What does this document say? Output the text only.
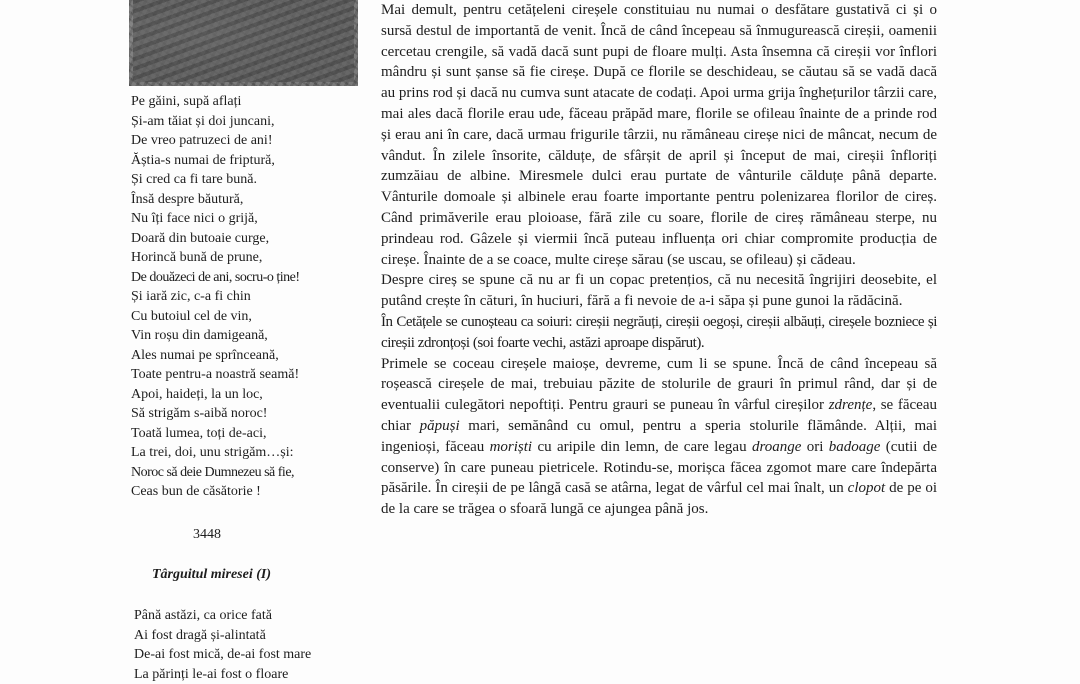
Pe găini, supă aflați
Și-am tăiat și doi juncani,
De vreo patruzeci de ani!
Ăștia-s numai de friptură,
Și cred ca fi tare bună.
Însă despre băutură,
Nu îți face nici o grijă,
Doară din butoaie curge,
Horincă bună de prune,
De douăzeci de ani, socru-o ține!
Și iară zic, c-a fi chin
Cu butoiul cel de vin,
Vin roșu din damigeană,
Ales numai pe sprînceană,
Toate pentru-a noastră seamă!
Apoi, haideți, la un loc,
Să strigăm s-aibă noroc!
Toată lumea, toți de-aci,
La trei, doi, unu strigăm…și:
Noroc să deie Dumnezeu să fie,
Ceas bun de căsătorie !
3448
Târguitul miresei (I)
Până astăzi, ca orice fată
Ai fost dragă și-alintată
De-ai fost mică, de-ai fost mare
La părinți le-ai fost o floare

Mai demult, pentru cetățeleni cireșele constituiau nu numai o desfătare gustativă ci și o sursă destul de importantă de venit. Încă de când începeau să înmugurească cireșii, oamenii cercetau crengile, să vadă dacă sunt pupi de floare mulți. Asta însemna că cireșii vor înflori mândru și sunt șanse să fie cireșe. După ce florile se deschideau, se căutau să se vadă dacă au prins rod și dacă nu cumva sunt atacate de codați. Apoi urma grija înghețurilor târzii care, mai ales dacă florile erau ude, făceau prăpăd mare, florile se ofileau înainte de a prinde rod și erau ani în care, dacă urmau frigurile târzii, nu rămâneau cireșe nici de mâncat, necum de vândut. În zilele însorite, călduțe, de sfârșit de april și început de mai, cireșii înfloriți zumzăiau de albine. Miresmele dulci erau purtate de vânturile călduțe până departe. Vânturile domoale și albinele erau foarte importante pentru polenizarea florilor de cireș. Când primăverile erau ploioase, fără zile cu soare, florile de cireș rămâneau sterpe, nu prindeau rod. Gâzele și viermii încă puteau influența ori chiar compromite producția de cireșe. Înainte de a se coace, multe cireșe sărau (se uscau, se ofileau) și cădeau.

Despre cireș se spune că nu ar fi un copac pretențios, că nu necesită îngrijiri deosebite, el putând crește în cături, în huciuri, fără a fi nevoie de a-i săpa și pune gunoi la rădăcină.

În Cetățele se cunoșteau ca soiuri: cireșii negrăuți, cireșii oegoși, cireșii albăuți, cireșele bozniece și cireșii zdronțoși (soi foarte vechi, astăzi aproape dispărut).

Primele se coceau cireșele maioșe, devreme, cum li se spune. Încă de când începeau să roșească cireșele de mai, trebuiau păzite de stolurile de grauri în primul rând, dar și de eventualii culegători nepoftiți. Pentru grauri se puneau în vârful cireșilor zdrențe, se făceau chiar păpuși mari, semănând cu omul, pentru a speria stolurile flămânde. Alții, mai ingenioși, făceau moriști cu aripile din lemn, de care legau droange ori badoage (cutii de conserve) în care puneau pietricele. Rotindu-se, morișca făcea zgomot mare care îndepărta păsările. În cireșii de pe lângă casă se atârna, legat de vârful cel mai înalt, un clopot de pe oi de la care se trăgea o sfoară lungă ce ajungea până jos.
